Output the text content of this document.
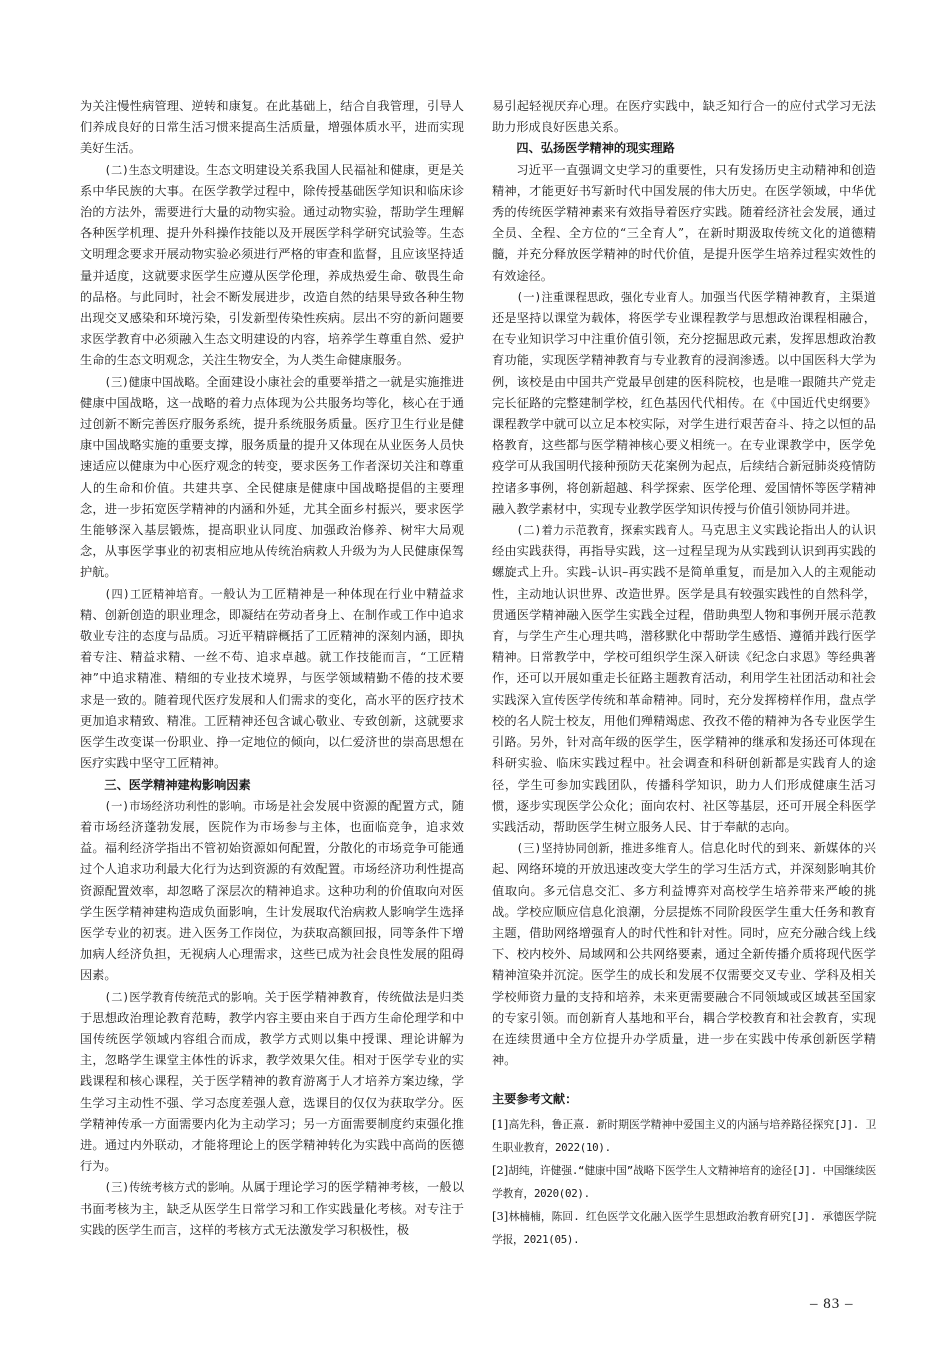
为关注慢性病管理、逆转和康复。在此基础上，结合自我管理，引导人们养成良好的日常生活习惯来提高生活质量，增强体质水平，进而实现美好生活。

(二)生态文明建设。生态文明建设关系我国人民福祉和健康，更是关系中华民族的大事。在医学教学过程中，除传授基础医学知识和临床诊治的方法外，需要进行大量的动物实验。通过动物实验，帮助学生理解各种医学机理、提升外科操作技能以及开展医学科学研究试验等。生态文明理念要求开展动物实验必须进行严格的审查和监督，且应该坚持适量并适度，这就要求医学生应遵从医学伦理，养成热爱生命、敬畏生命的品格。与此同时，社会不断发展进步，改造自然的结果导致各种生物出现交叉感染和环境污染，引发新型传染性疾病。层出不穷的新问题要求医学教育中必须融入生态文明建设的内容，培养学生尊重自然、爱护生命的生态文明观念，关注生物安全，为人类生命健康服务。

(三)健康中国战略。全面建设小康社会的重要举措之一就是实施推进健康中国战略，这一战略的着力点体现为公共服务均等化，核心在于通过创新不断完善医疗服务系统，提升系统服务质量。医疗卫生行业是健康中国战略实施的重要支撑，服务质量的提升又体现在从业医务人员快速适应以健康为中心医疗观念的转变，要求医务工作者深切关注和尊重人的生命和价值。共建共享、全民健康是健康中国战略提倡的主要理念，进一步拓宽医学精神的内涵和外延，尤其全面乡村振兴，要求医学生能够深入基层锻炼，提高职业认同度、加强政治修养、树牢大局观念，从事医学事业的初衷相应地从传统治病救人升级为为人民健康保驾护航。

(四)工匠精神培育。一般认为工匠精神是一种体现在行业中精益求精、创新创造的职业理念，即凝结在劳动者身上、在制作或工作中追求敬业专注的态度与品质。习近平精辟概括了工匠精神的深刻内涵，即执着专注、精益求精、一丝不苟、追求卓越。就工作技能而言，“工匠精神”中追求精准、精细的专业技术境界，与医学领域精勤不倦的技术要求是一致的。随着现代医疗发展和人们需求的变化，高水平的医疗技术更加追求精致、精准。工匠精神还包含诚心敬业、专致创新，这就要求医学生改变谋一份职业、挣一定地位的倾向，以仁爱济世的崇高思想在医疗实践中坚守工匠精神。

三、医学精神建构影响因素

(一)市场经济功利性的影响。市场是社会发展中资源的配置方式，随着市场经济蓬勃发展，医院作为市场参与主体，也面临竞争，追求效益。福利经济学指出不管初始资源如何配置，分散化的市场竞争可能通过个人追求功利最大化行为达到资源的有效配置。市场经济功利性提高资源配置效率，却忽略了深层次的精神追求。这种功利的价值取向对医学生医学精神建构造成负面影响，生计发展取代治病救人影响学生选择医学专业的初衷。进入医务工作岗位，为获取高额回报，同等条件下增加病人经济负担，无视病人心理需求，这些已成为社会良性发展的阻碍因素。

(二)医学教育传统范式的影响。关于医学精神教育，传统做法是归类于思想政治理论教育范畴，教学内容主要由来自于西方生命伦理学和中国传统医学领域内容组合而成，教学方式则以集中授课、理论讲解为主，忽略学生课堂主体性的诉求，教学效果欠佳。相对于医学专业的实践课程和核心课程，关于医学精神的教育游离于人才培养方案边缘，学生学习主动性不强、学习态度差强人意，选课目的仅仅为获取学分。医学精神传承一方面需要内化为主动学习；另一方面需要制度约束强化推进。通过内外联动，才能将理论上的医学精神转化为实践中高尚的医德行为。

(三)传统考核方式的影响。从属于理论学习的医学精神考核，一般以书面考核为主，缺乏从医学生日常学习和工作实践量化考核。对专注于实践的医学生而言，这样的考核方式无法激发学习积极性，极

易引起轻视厌弃心理。在医疗实践中，缺乏知行合一的应付式学习无法助力形成良好医患关系。

四、弘扬医学精神的现实理路

习近平一直强调文史学习的重要性，只有发扬历史主动精神和创造精神，才能更好书写新时代中国发展的伟大历史。在医学领域，中华优秀的传统医学精神素来有效指导着医疗实践。随着经济社会发展，通过全员、全程、全方位的“三全育人”，在新时期汲取传统文化的道德精髓，并充分释放医学精神的时代价值，是提升医学生培养过程实效性的有效途径。

(一)注重课程思政，强化专业育人。加强当代医学精神教育，主渠道还是坚持以课堂为载体，将医学专业课程教学与思想政治课程相融合，在专业知识学习中注重价值引领，充分挖掘思政元素，发挥思想政治教育功能，实现医学精神教育与专业教育的浸润渗透。以中国医科大学为例，该校是由中国共产党最早创建的医科院校，也是唯一跟随共产党走完长征路的完整建制学校，红色基因代代相传。在《中国近代史纲要》课程教学中就可以立足本校实际，对学生进行艰苦奋斗、持之以恒的品格教育，这些都与医学精神核心要义相统一。在专业课教学中，医学免疫学可从我国明代接种预防天花案例为起点，后续结合新冠肺炎疫情防控诸多事例，将创新超越、科学探索、医学伦理、爱国情怀等医学精神融入教学素材中，实现专业教学医学知识传授与价值引领协同并进。

(二)着力示范教育，探索实践育人。马克思主义实践论指出人的认识经由实践获得，再指导实践，这一过程呈现为从实践到认识到再实践的螺旋式上升。实践–认识–再实践不是简单重复，而是加入人的主观能动性，主动地认识世界、改造世界。医学是具有较强实践性的自然科学，贯通医学精神融入医学生实践全过程，借助典型人物和事例开展示范教育，与学生产生心理共鸣，潜移默化中帮助学生感悟、遵循并践行医学精神。日常教学中，学校可组织学生深入研读《纪念白求恩》等经典著作，还可以开展如重走长征路主题教育活动，利用学生社团活动和社会实践深入宣传医学传统和革命精神。同时，充分发挥榜样作用，盘点学校的名人院士校友，用他们殚精竭虑、孜孜不倦的精神为各专业医学生引路。另外，针对高年级的医学生，医学精神的继承和发扬还可体现在科研实验、临床实践过程中。社会调查和科研创新都是实践育人的途径，学生可参加实践团队，传播科学知识，助力人们形成健康生活习惯，逐步实现医学公众化；面向农村、社区等基层，还可开展全科医学实践活动，帮助医学生树立服务人民、甘于奉献的志向。

(三)坚持协同创新，推进多维育人。信息化时代的到来、新媒体的兴起、网络环境的开放迅速改变大学生的学习生活方式，并深刻影响其价值取向。多元信息交汇、多方利益博弈对高校学生培养带来严峻的挑战。学校应顺应信息化浪潮，分层提炼不同阶段医学生重大任务和教育主题，借助网络增强育人的时代性和针对性。同时，应充分融合线上线下、校内校外、局域网和公共网络要素，通过全新传播介质将现代医学精神渲染并沉淀。医学生的成长和发展不仅需要交叉专业、学科及相关学校师资力量的支持和培养，未来更需要融合不同领域或区域甚至国家的专家引领。而创新育人基地和平台，耦合学校教育和社会教育，实现在连续贯通中全方位提升办学质量，进一步在实践中传承创新医学精神。

主要参考文献：
[1]高先科，鲁正熹. 新时期医学精神中爱国主义的内涵与培养路径探究[J]. 卫生职业教育，2022(10).
[2]胡纯，许健强.“健康中国”战略下医学生人文精神培育的途径[J]. 中国继续医学教育，2020(02).
[3]林楠楠，陈回. 红色医学文化融入医学生思想政治教育研究[J]. 承德医学院学报，2021(05).
– 83 –
